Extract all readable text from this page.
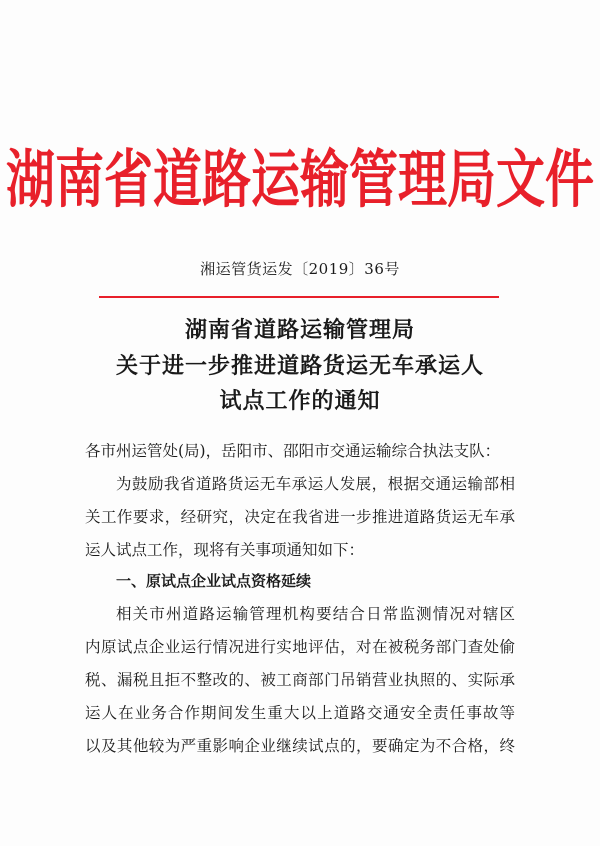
湖南省道路运输管理局文件
湘运管货运发〔2019〕36号
湖南省道路运输管理局
关于进一步推进道路货运无车承运人
试点工作的通知
各市州运管处(局)，岳阳市、邵阳市交通运输综合执法支队：
为鼓励我省道路货运无车承运人发展，根据交通运输部相
关工作要求，经研究，决定在我省进一步推进道路货运无车承
运人试点工作，现将有关事项通知如下：
一、原试点企业试点资格延续
相关市州道路运输管理机构要结合日常监测情况对辖区
内原试点企业运行情况进行实地评估，对在被税务部门查处偷
税、漏税且拒不整改的、被工商部门吊销营业执照的、实际承
运人在业务合作期间发生重大以上道路交通安全责任事故等
以及其他较为严重影响企业继续试点的，要确定为不合格，终
